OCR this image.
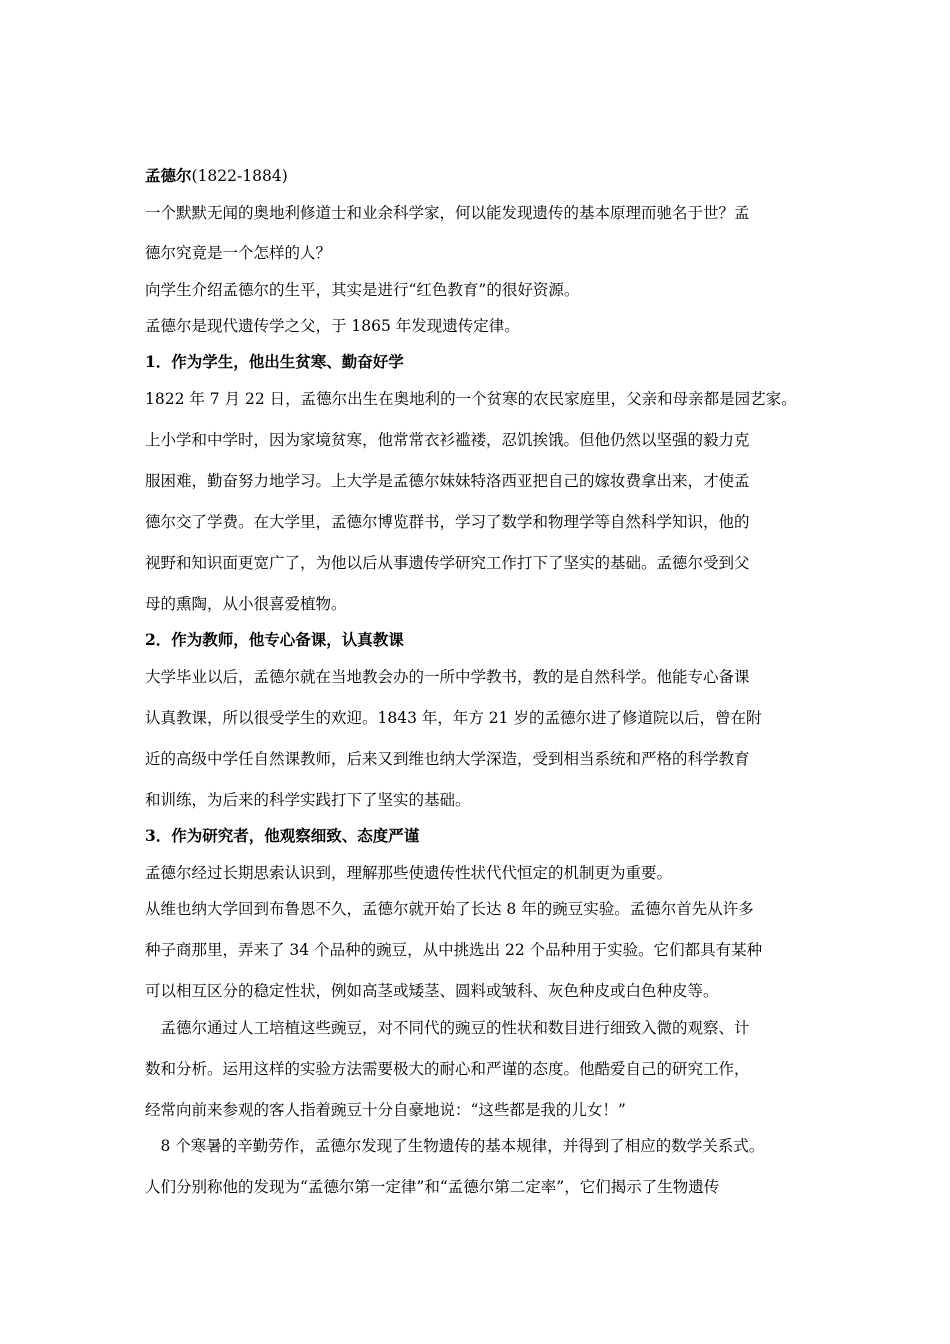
孟德尔(1822-1884)
一个默默无闻的奥地利修道士和业余科学家，何以能发现遗传的基本原理而驰名于世？孟
德尔究竟是一个怎样的人？
向学生介绍孟德尔的生平，其实是进行“红色教育”的很好资源。
孟德尔是现代遗传学之父，于 1865 年发现遗传定律。
1．作为学生，他出生贫寒、勤奋好学
1822 年 7 月 22 日，孟德尔出生在奥地利的一个贫寒的农民家庭里，父亲和母亲都是园艺家。
上小学和中学时，因为家境贫寒，他常常衣衫褴褛，忍饥挨饿。但他仍然以坚强的毅力克
服困难，勤奋努力地学习。上大学是孟德尔妹妹特洛西亚把自己的嫁妆费拿出来，才使孟
德尔交了学费。在大学里，孟德尔博览群书，学习了数学和物理学等自然科学知识，他的
视野和知识面更宽广了，为他以后从事遗传学研究工作打下了坚实的基础。孟德尔受到父
母的熏陶，从小很喜爱植物。
2．作为教师，他专心备课，认真教课
大学毕业以后，孟德尔就在当地教会办的一所中学教书，教的是自然科学。他能专心备课
认真教课，所以很受学生的欢迎。1843 年，年方 21 岁的孟德尔进了修道院以后，曾在附
近的高级中学任自然课教师，后来又到维也纳大学深造，受到相当系统和严格的科学教育
和训练，为后来的科学实践打下了坚实的基础。
3．作为研究者，他观察细致、态度严谨
孟德尔经过长期思索认识到，理解那些使遗传性状代代恒定的机制更为重要。
从维也纳大学回到布鲁恩不久，孟德尔就开始了长达 8 年的豌豆实验。孟德尔首先从许多
种子商那里，弄来了 34 个品种的豌豆，从中挑选出 22 个品种用于实验。它们都具有某种
可以相互区分的稳定性状，例如高茎或矮茎、圆料或皱科、灰色种皮或白色种皮等。
　孟德尔通过人工培植这些豌豆，对不同代的豌豆的性状和数目进行细致入微的观察、计
数和分析。运用这样的实验方法需要极大的耐心和严谨的态度。他酷爱自己的研究工作，
经常向前来参观的客人指着豌豆十分自豪地说：“这些都是我的儿女！”
　8 个寒暑的辛勤劳作，孟德尔发现了生物遗传的基本规律，并得到了相应的数学关系式。
人们分别称他的发现为“孟德尔第一定律”和“孟德尔第二定率”，它们揭示了生物遗传
